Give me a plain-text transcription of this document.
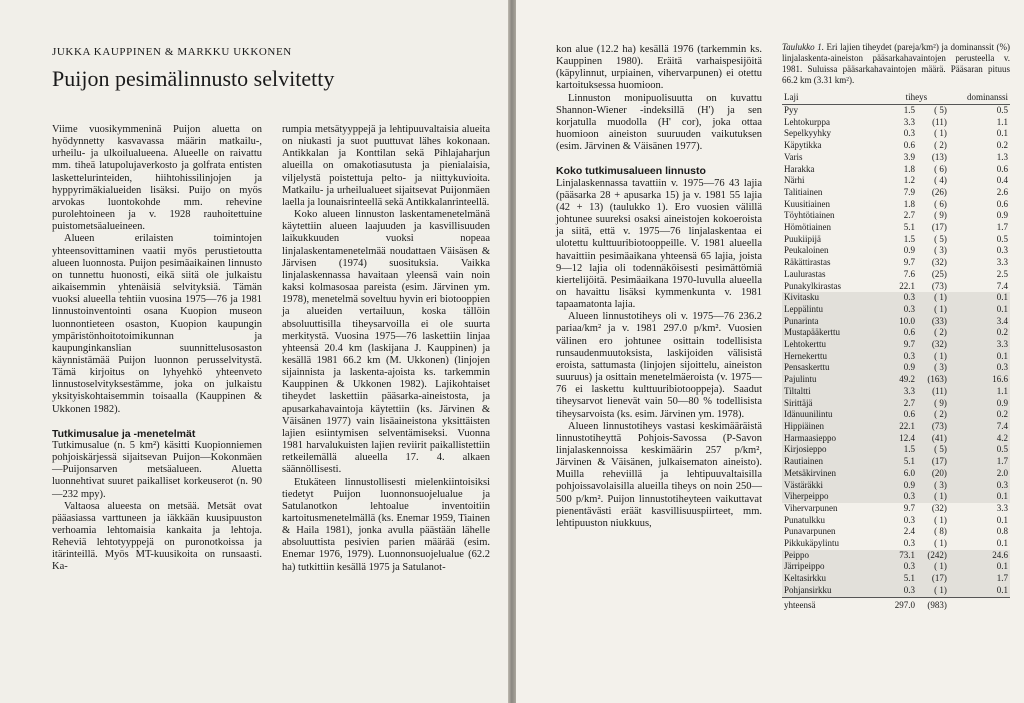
JUKKA KAUPPINEN & MARKKU UKKONEN
Puijon pesimälinnusto selvitetty

Viime vuosikymmeninä Puijon aluetta on hyödynnetty kasvavassa määrin matkailu-, urheilu- ja ulkoilualueena. Alueelle on raivattu mm. tiheä latupolujaverkosto ja golfrata entisten laskettelurinteiden, hiihtohissilinjojen ja hyppyrimäkialueiden lisäksi. Puijo on myös arvokas luontokohde mm. rehevine purolehtoineen ja v. 1928 rauhoitettuine puistometsäalueineen.

Alueen erilaisten toimintojen yhteensovittaminen vaatii myös perustietoutta alueen luonnosta. Puijon pesimäaikainen linnusto on tunnettu huonosti, eikä siitä ole julkaistu aikaisemmin yhtenäisiä selvityksiä. Tämän vuoksi alueella tehtiin vuosina 1975—76 ja 1981 linnustoinventointi osana Kuopion museon luonnontieteen osaston, Kuopion kaupungin ympäristönhoitotoimikunnan ja kaupunginkanslian suunnittelusosaston käynnistämää Puijon luonnon perusselvitystä. Tämä kirjoitus on lyhyehkö yhteenveto linnustoselvityksestämme, joka on julkaistu yksityiskohtaisemmin toisaalla (Kauppinen & Ukkonen 1982).

Tutkimusalue ja -menetelmät

Tutkimusalue (n. 5 km²) käsitti Kuopionniemen pohjoiskärjessä sijaitsevan Puijon—Kokonmäen—Puijonsarven metsäalueen. Aluetta luonnehtivat suuret paikalliset korkeuserot (n. 90—232 mpy).

Valtaosa alueesta on metsää. Metsät ovat pääasiassa varttuneen ja iäkkään kuusipuuston verhoamia lehtomaisia kankaita ja lehtoja. Reheviä lehtotyyppejä on puronotkoissa ja itärinteillä. Myös MT-kuusikoita on runsaasti. Ka-

rumpia metsätyyppejä ja lehtipuuvaltaisia alueita on niukasti ja suot puuttuvat lähes kokonaan. Antikkalan ja Konttilan sekä Pihlajaharjun alueilla on omakotiasutusta ja pienialaisia, viljelystä poistettuja pelto- ja niittykuvioita. Matkailu- ja urheilualueet sijaitsevat Puijonmäen laella ja lounaisrinteellä sekä Antikkalanrinteellä.

Koko alueen linnuston laskentamenetelmänä käytettiin alueen laajuuden ja kasvillisuuden laikukkuuden vuoksi nopeaa linjalaskentamenetelmää noudattaen Väisäsen & Järvisen (1974) suosituksia. Vaikka linjalaskennassa havaitaan yleensä vain noin kaksi kolmasosaa pareista (esim. Järvinen ym. 1978), menetelmä soveltuu hyvin eri biotooppien ja alueiden vertailuun, koska tällöin absoluuttisilla tiheysarvoilla ei ole suurta merkitystä. Vuosina 1975—76 laskettiin linjaa yhteensä 20.4 km (laskijana J. Kauppinen) ja kesällä 1981 66.2 km (M. Ukkonen) (linjojen sijainnista ja laskenta-ajoista ks. tarkemmin Kauppinen & Ukkonen 1982). Lajikohtaiset tiheydet laskettiin pääsarka-aineistosta, ja apusarkahavaintoja käytettiin (ks. Järvinen & Väisänen 1977) vain lisäaineistona yksittäisten lajien esiintymisen selventämiseksi. Vuonna 1981 harvalukuisten lajien reviirit paikallistettiin retkeilemällä alueella 17. 4. alkaen säännöllisesti.

Etukäteen linnustollisesti mielenkiintoisiksi tiedetyt Puijon luonnonsuojelualue ja Satulanotkon lehtoalue inventoitiin kartoitusmenetelmällä (ks. Enemar 1959, Tiainen & Haila 1981), jonka avulla päästään lähelle absoluuttista pesivien parien määrää (esim. Enemar 1976, 1979). Luonnonsuojelualue (62.2 ha) tutkittiin kesällä 1975 ja Satulanot-

kon alue (12.2 ha) kesällä 1976 (tarkemmin ks. Kauppinen 1980). Eräitä varhaispesijöitä (käpylinnut, urpiainen, vihervarpunen) ei otettu kartoituksessa huomioon.

Linnuston monipuolisuutta on kuvattu Shannon-Wiener -indeksillä (H') ja sen korjatulla muodolla (H' cor), joka ottaa huomioon aineiston suuruuden vaikutuksen (esim. Järvinen & Väisänen 1977).

Koko tutkimusalueen linnusto

Linjalaskennassa tavattiin v. 1975—76 43 lajia (pääsarka 28 + apusarka 15) ja v. 1981 55 lajia (42 + 13) (taulukko 1). Ero vuosien välillä johtunee suureksi osaksi aineistojen kokoeroista ja siitä, että v. 1975—76 linjalaskentaa ei ulotettu kulttuuribiotooppeille. V. 1981 alueella havaittiin pesimäaikana yhteensä 65 lajia, joista 9—12 lajia oli todennäköisesti pesimättömiä kiertelijöitä. Pesimäaikana 1970-luvulla alueella on havaittu lisäksi kymmenkunta v. 1981 tapaamatonta lajia.

Alueen linnustotiheys oli v. 1975—76 236.2 pariaa/km² ja v. 1981 297.0 p/km². Vuosien välinen ero johtunee osittain todellisista runsaudenmuutoksista, laskijoiden välisistä eroista, sattumasta (linjojen sijoittelu, aineiston suuruus) ja osittain menetelmäeroista (v. 1975—76 ei laskettu kulttuuribiotooppeja). Saadut tiheysarvot lienevät vain 50—80 % todellisista tiheysarvoista (ks. esim. Järvinen ym. 1978).

Alueen linnustotiheys vastasi keskimääräistä linnustotiheyttä Pohjois-Savossa (P-Savon linjalaskennoissa keskimäärin 257 p/km², Järvinen & Väisänen, julkaisematon aineisto). Muilla reheviillä ja lehtipuuvaltaisilla pohjoissavolaisilla alueilla tiheys on noin 250—500 p/km². Puijon linnustotiheyteen vaikuttavat pienentävästi eräät kasvillisuuspiirteet, mm. lehtipuuston niukkuus,

Taulukko 1. Eri lajien tiheydet (pareja/km²) ja dominanssit (%) linjalaskenta-aineiston pääsarkahavaintojen perusteella v. 1981. Suluissa pääsarkahavaintojen määrä. Pääsaran pituus 66.2 km (3.31 km²).
Laji	tiheys		dominanssi
Pyy	1.5	( 5)	0.5
Lehtokurppa	3.3	(11)	1.1
Sepelkyyhky	0.3	( 1)	0.1
Käpytikka	0.6	( 2)	0.2
Varis	3.9	(13)	1.3
Harakka	1.8	( 6)	0.6
Närhi	1.2	( 4)	0.4
Talitiainen	7.9	(26)	2.6
Kuusitiainen	1.8	( 6)	0.6
Töyhtötiainen	2.7	( 9)	0.9
Hömötiainen	5.1	(17)	1.7
Puukiipijä	1.5	( 5)	0.5
Peukaloinen	0.9	( 3)	0.3
Räkättirastas	9.7	(32)	3.3
Laulurastas	7.6	(25)	2.5
Punakylkirastas	22.1	(73)	7.4
Kivitasku	0.3	( 1)	0.1
Leppälintu	0.3	( 1)	0.1
Punarinta	10.0	(33)	3.4
Mustapääkerttu	0.6	( 2)	0.2
Lehtokerttu	9.7	(32)	3.3
Hernekerttu	0.3	( 1)	0.1
Pensaskerttu	0.9	( 3)	0.3
Pajulintu	49.2	(163)	16.6
Tiltaltti	3.3	(11)	1.1
Sirittäjä	2.7	( 9)	0.9
Idänuunilintu	0.6	( 2)	0.2
Hippiäinen	22.1	(73)	7.4
Harmaasieppo	12.4	(41)	4.2
Kirjosieppo	1.5	( 5)	0.5
Rautiainen	5.1	(17)	1.7
Metsäkirvinen	6.0	(20)	2.0
Västäräkki	0.9	( 3)	0.3
Viherpeippo	0.3	( 1)	0.1
Vihervarpunen	9.7	(32)	3.3
Punatulkku	0.3	( 1)	0.1
Punavarpunen	2.4	( 8)	0.8
Pikkukäpylintu	0.3	( 1)	0.1
Peippo	73.1	(242)	24.6
Järripeippo	0.3	( 1)	0.1
Keltasirkku	5.1	(17)	1.7
Pohjansirkku	0.3	( 1)	0.1
yhteensä	297.0	(983)	
